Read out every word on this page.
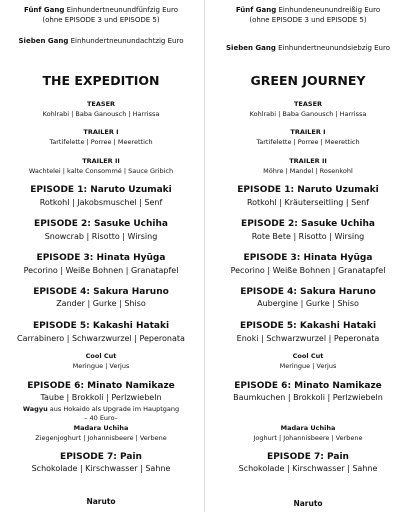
Fünf Gang Einhundertneunundfünfzig Euro
(ohne EPISODE 3 und EPISODE 5)
Sieben Gang Einhundertneunundachtzig Euro
THE EXPEDITION
TEASER
Kohlrabi | Baba Ganousch | Harrissa
TRAILER I
Tartifelette | Porree | Meerettich
TRAILER II
Wachtelei | kalte Consommé | Sauce Gribich
EPISODE 1: Naruto Uzumaki
Rotkohl | Jakobsmuschel | Senf
EPISODE 2: Sasuke Uchiha
Snowcrab | Risotto | Wirsing
EPISODE 3: Hinata Hyūga
Pecorino | Weiße Bohnen | Granatapfel
EPISODE 4: Sakura Haruno
Zander | Gurke | Shiso
EPISODE 5: Kakashi Hataki
Carrabinero | Schwarzwurzel | Peperonata
Cool Cut
Meringue | Verjus
EPISODE 6: Minato Namikaze
Taube | Brokkoli | Perlzwiebeln
Wagyu aus Hokaido als Upgrade im Hauptgang
– 40 Euro–
Madara Uchiha
Ziegenjoghurt | Johannisbeere | Verbene
EPISODE 7: Pain
Schokolade | Kirschwasser | Sahne
Naruto
Fünf Gang Einhundeneunundreißig Euro
(ohne EPISODE 3 und EPISODE 5)
Sieben Gang Einhundertneunundsiebzig Euro
GREEN JOURNEY
TEASER
Kohlrabi | Baba Ganousch | Harrissa
TRAILER I
Tartifelette | Porree | Meerettich
TRAILER II
Möhre | Mandel | Rosenkohl
EPISODE 1: Naruto Uzumaki
Rotkohl | Kräuterseitling | Senf
EPISODE 2: Sasuke Uchiha
Rote Bete | Risotto | Wirsing
EPISODE 3: Hinata Hyūga
Pecorino | Weiße Bohnen | Granatapfel
EPISODE 4: Sakura Haruno
Aubergine | Gurke | Shiso
EPISODE 5: Kakashi Hataki
Enoki | Schwarzwurzel | Peperonata
Cool Cut
Meringue | Verjus
EPISODE 6: Minato Namikaze
Baumkuchen | Brokkoli | Perlzwiebeln
Madara Uchiha
Joghurt | Johannisbeere | Verbene
EPISODE 7: Pain
Schokolade | Kirschwasser | Sahne
Naruto
